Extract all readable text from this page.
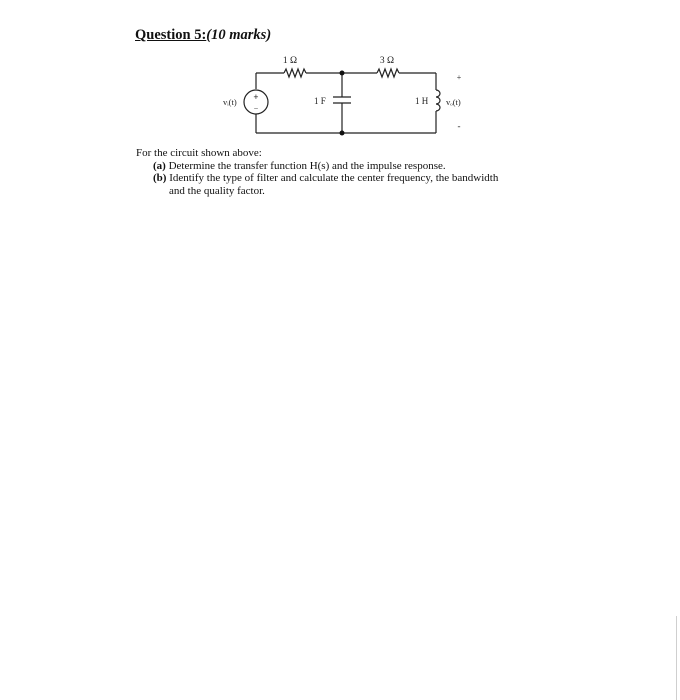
Question 5:(10 marks)
1 Ω	3 Ω
1 F	1 H
vᵢ(t)	vₒ(t)
+
−
+
-
For the circuit shown above:
(a) Determine the transfer function H(s) and the impulse response.
(b) Identify the type of filter and calculate the center frequency, the bandwidth
and the quality factor.
